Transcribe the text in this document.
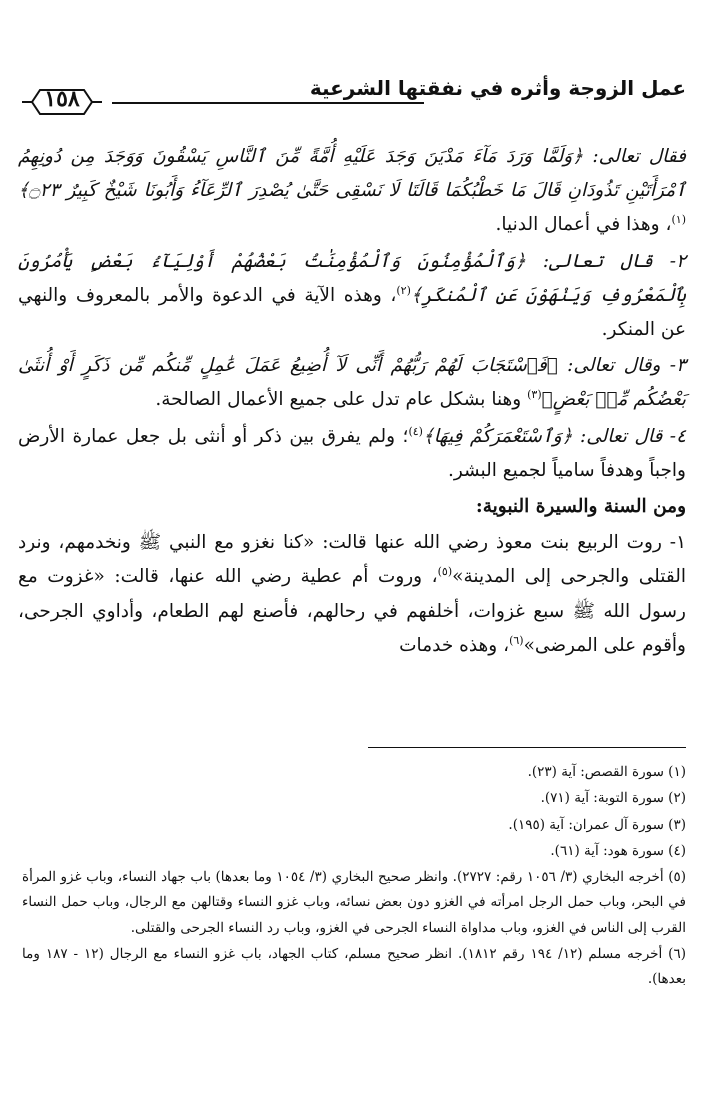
عمل الزوجة وأثره في نفقتها الشرعية
١٥٨

فقال تعالى: ﴿وَلَمَّا وَرَدَ مَآءَ مَدْيَنَ وَجَدَ عَلَيْهِ أُمَّةً مِّنَ ٱلنَّاسِ يَسْقُونَ وَوَجَدَ مِن دُونِهِمُ ٱمْرَأَتَيْنِ تَذُودَانِ قَالَ مَا خَطْبُكُمَا قَالَتَا لَا نَسْقِى حَتَّىٰ يُصْدِرَ ٱلرِّعَآءُ وَأَبُونَا شَيْخٌ كَبِيرٌ ۝٢٣﴾$^{(١)}$، وهذا في أعمال الدنيا.

٢- قال تعالى: ﴿وَٱلْمُؤْمِنُونَ وَٱلْمُؤْمِنَٰتُ بَعْضُهُمْ أَوْلِيَآءُ بَعْضٍ يَأْمُرُونَ بِٱلْمَعْرُوفِ وَيَنْهَوْنَ عَنِ ٱلْمُنكَرِ﴾$^{(٢)}$، وهذه الآية في الدعوة والأمر بالمعروف والنهي عن المنكر.

٣- وقال تعالى: ﴿فَٱسْتَجَابَ لَهُمْ رَبُّهُمْ أَنِّى لَآ أُضِيعُ عَمَلَ عَٰمِلٍ مِّنكُم مِّن ذَكَرٍ أَوْ أُنثَىٰ بَعْضُكُم مِّنۢ بَعْضٍ﴾$^{(٣)}$ وهنا بشكل عام تدل على جميع الأعمال الصالحة.

٤- قال تعالى: ﴿وَٱسْتَعْمَرَكُمْ فِيهَا﴾$^{(٤)}$؛ ولم يفرق بين ذكر أو أنثى بل جعل عمارة الأرض واجباً وهدفاً سامياً لجميع البشر.

ومن السنة والسيرة النبوية:

١- روت الربيع بنت معوذ رضي الله عنها قالت: «كنا نغزو مع النبي ﷺ ونخدمهم، ونرد القتلى والجرحى إلى المدينة»$^{(٥)}$، وروت أم عطية رضي الله عنها، قالت: «غزوت مع رسول الله ﷺ سبع غزوات، أخلفهم في رحالهم، فأصنع لهم الطعام، وأداوي الجرحى، وأقوم على المرضى»$^{(٦)}$، وهذه خدمات

(١) سورة القصص: آية (٢٣).

(٢) سورة التوبة: آية (٧١).

(٣) سورة آل عمران: آية (١٩٥).

(٤) سورة هود: آية (٦١).

(٥) أخرجه البخاري (٣/ ١٠٥٦ رقم: ٢٧٢٧). وانظر صحيح البخاري (٣/ ١٠٥٤ وما بعدها) باب جهاد النساء، وباب غزو المرأة في البحر، وباب حمل الرجل امرأته في الغزو دون بعض نسائه، وباب غزو النساء وقتالهن مع الرجال، وباب حمل النساء القرب إلى الناس في الغزو، وباب مداواة النساء الجرحى في الغزو، وباب رد النساء الجرحى والقتلى.

(٦) أخرجه مسلم (١٢/ ١٩٤ رقم ١٨١٢). انظر صحيح مسلم، كتاب الجهاد، باب غزو النساء مع الرجال (١٢ - ١٨٧ وما بعدها).
